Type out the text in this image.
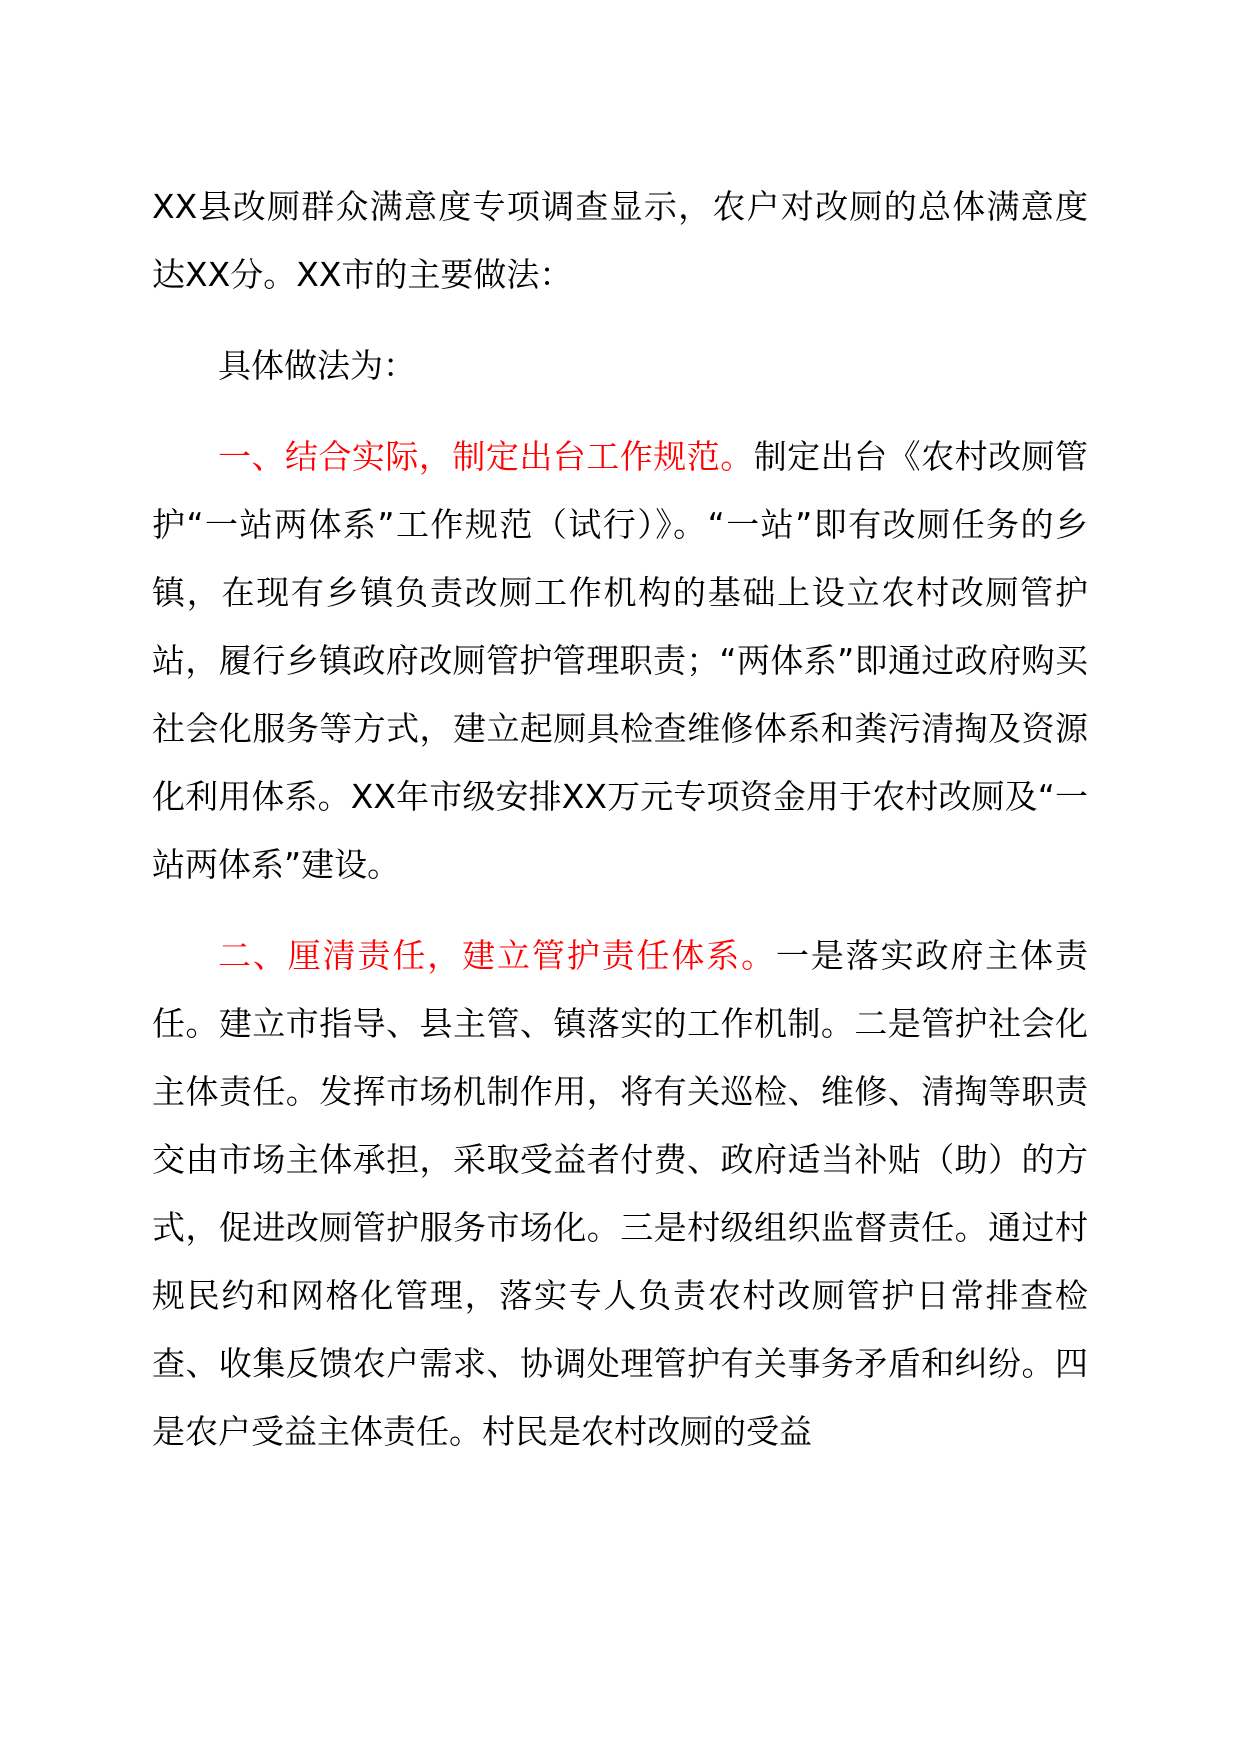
XX县改厕群众满意度专项调查显示，农户对改厕的总体满意度达XX分。XX市的主要做法：

具体做法为：

一、结合实际，制定出台工作规范。制定出台《农村改厕管护“一站两体系”工作规范（试行）》。“一站”即有改厕任务的乡镇，在现有乡镇负责改厕工作机构的基础上设立农村改厕管护站，履行乡镇政府改厕管护管理职责；“两体系”即通过政府购买社会化服务等方式，建立起厕具检查维修体系和粪污清掏及资源化利用体系。XX年市级安排XX万元专项资金用于农村改厕及“一站两体系”建设。

二、厘清责任，建立管护责任体系。一是落实政府主体责任。建立市指导、县主管、镇落实的工作机制。二是管护社会化主体责任。发挥市场机制作用，将有关巡检、维修、清掏等职责交由市场主体承担，采取受益者付费、政府适当补贴（助）的方式，促进改厕管护服务市场化。三是村级组织监督责任。通过村规民约和网格化管理，落实专人负责农村改厕管护日常排查检查、收集反馈农户需求、协调处理管护有关事务矛盾和纠纷。四是农户受益主体责任。村民是农村改厕的受益
